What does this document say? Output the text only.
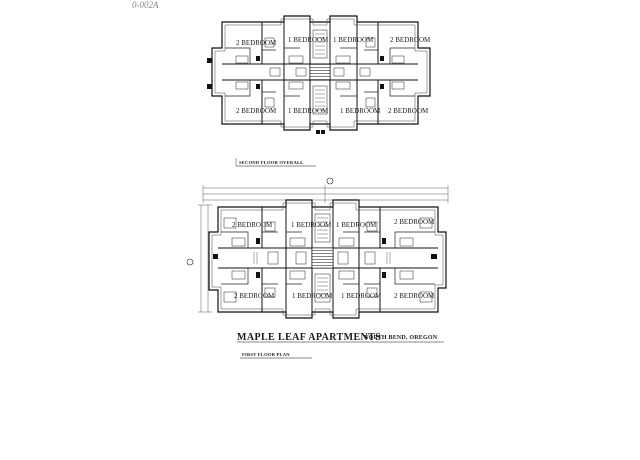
0-002A
2 BEDROOM 1 BEDROOM 1 BEDROOM 2 BEDROOM
2 BEDROOM 1 BEDROOM 1 BEDROOM 2 BEDROOM
SECOND FLOOR OVERALL
2 BEDROOM	1 BEDROOM 1 BEDROOM	2 BEDROOM
2 BEDROOM	1 BEDROOM 1 BEDROOM 2 BEDROOM
MAPLE LEAF APARTMENTS
NORTH BEND, OREGON
FIRST FLOOR PLAN
